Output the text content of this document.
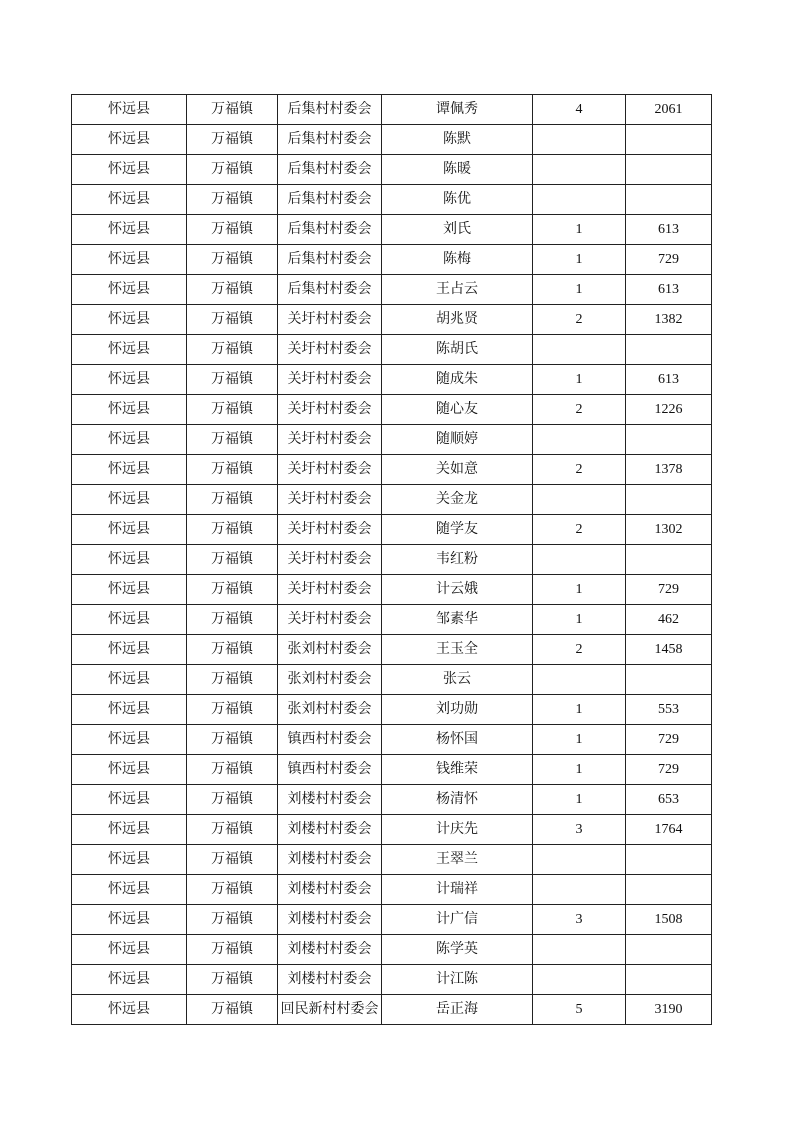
怀远县	万福镇	后集村村委会	谭佩秀	4	2061
怀远县	万福镇	后集村村委会	陈默		
怀远县	万福镇	后集村村委会	陈暖		
怀远县	万福镇	后集村村委会	陈优		
怀远县	万福镇	后集村村委会	刘氏	1	613
怀远县	万福镇	后集村村委会	陈梅	1	729
怀远县	万福镇	后集村村委会	王占云	1	613
怀远县	万福镇	关圩村村委会	胡兆贤	2	1382
怀远县	万福镇	关圩村村委会	陈胡氏		
怀远县	万福镇	关圩村村委会	随成朱	1	613
怀远县	万福镇	关圩村村委会	随心友	2	1226
怀远县	万福镇	关圩村村委会	随顺婷		
怀远县	万福镇	关圩村村委会	关如意	2	1378
怀远县	万福镇	关圩村村委会	关金龙		
怀远县	万福镇	关圩村村委会	随学友	2	1302
怀远县	万福镇	关圩村村委会	韦红粉		
怀远县	万福镇	关圩村村委会	计云娥	1	729
怀远县	万福镇	关圩村村委会	邹素华	1	462
怀远县	万福镇	张刘村村委会	王玉全	2	1458
怀远县	万福镇	张刘村村委会	张云		
怀远县	万福镇	张刘村村委会	刘功勋	1	553
怀远县	万福镇	镇西村村委会	杨怀国	1	729
怀远县	万福镇	镇西村村委会	钱维荣	1	729
怀远县	万福镇	刘楼村村委会	杨清怀	1	653
怀远县	万福镇	刘楼村村委会	计庆先	3	1764
怀远县	万福镇	刘楼村村委会	王翠兰		
怀远县	万福镇	刘楼村村委会	计瑞祥		
怀远县	万福镇	刘楼村村委会	计广信	3	1508
怀远县	万福镇	刘楼村村委会	陈学英		
怀远县	万福镇	刘楼村村委会	计江陈		
怀远县	万福镇	回民新村村委会	岳正海	5	3190
